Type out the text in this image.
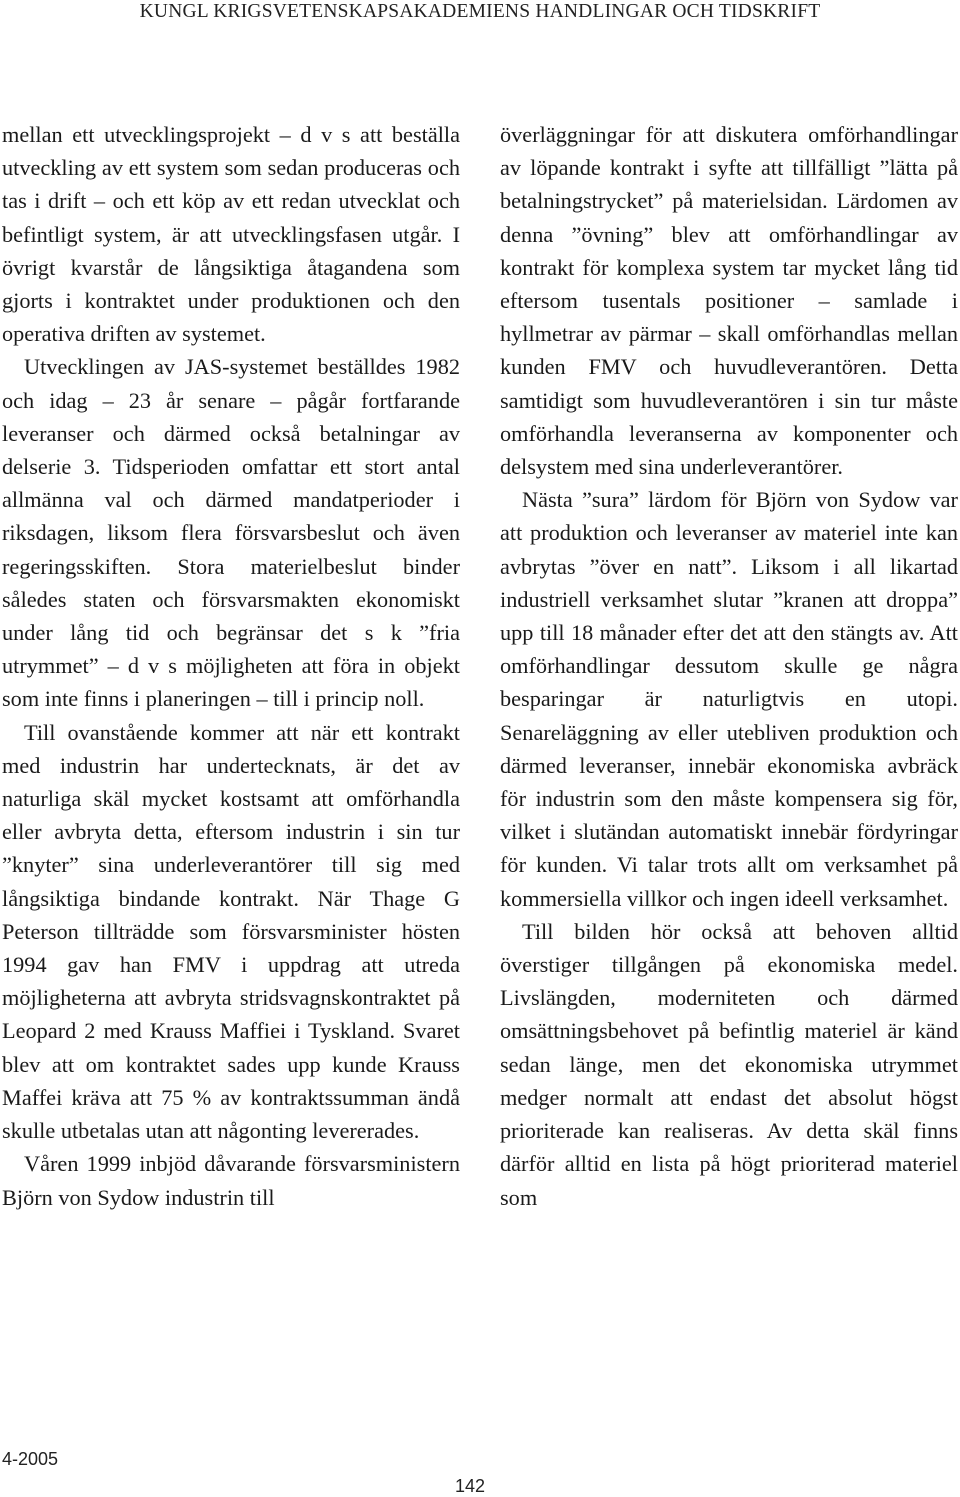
KUNGL KRIGSVETENSKAPSAKADEMIENS HANDLINGAR OCH TIDSKRIFT

mellan ett utvecklingsprojekt – d v s att beställa utveckling av ett system som sedan produceras och tas i drift – och ett köp av ett redan utvecklat och befintligt system, är att utvecklingsfasen utgår. I övrigt kvarstår de långsiktiga åtagandena som gjorts i kontraktet under produktionen och den operativa driften av systemet.

Utvecklingen av JAS-systemet beställdes 1982 och idag – 23 år senare – pågår fortfarande leveranser och därmed också betalningar av delserie 3. Tidsperioden omfattar ett stort antal allmänna val och därmed mandatperioder i riksdagen, liksom flera försvarsbeslut och även regeringsskiften. Stora materielbeslut binder således staten och försvarsmakten ekonomiskt under lång tid och begränsar det s k ”fria utrymmet” – d v s möjligheten att föra in objekt som inte finns i planeringen – till i princip noll.

Till ovanstående kommer att när ett kontrakt med industrin har undertecknats, är det av naturliga skäl mycket kostsamt att omförhandla eller avbryta detta, eftersom industrin i sin tur ”knyter” sina underleverantörer till sig med långsiktiga bindande kontrakt. När Thage G Peterson tillträdde som försvarsminister hösten 1994 gav han FMV i uppdrag att utreda möjligheterna att avbryta stridsvagnskontraktet på Leopard 2 med Krauss Maffiei i Tyskland. Svaret blev att om kontraktet sades upp kunde Krauss Maffei kräva att 75 % av kontraktssumman ändå skulle utbetalas utan att någonting levererades.

Våren 1999 inbjöd dåvarande försvarsministern Björn von Sydow industrin till

överläggningar för att diskutera omförhandlingar av löpande kontrakt i syfte att tillfälligt ”lätta på betalningstrycket” på materielsidan. Lärdomen av denna ”övning” blev att omförhandlingar av kontrakt för komplexa system tar mycket lång tid eftersom tusentals positioner – samlade i hyllmetrar av pärmar – skall omförhandlas mellan kunden FMV och huvudleverantören. Detta samtidigt som huvudleverantören i sin tur måste omförhandla leveranserna av komponenter och delsystem med sina underleverantörer.

Nästa ”sura” lärdom för Björn von Sydow var att produktion och leveranser av materiel inte kan avbrytas ”över en natt”. Liksom i all likartad industriell verksamhet slutar ”kranen att droppa” upp till 18 månader efter det att den stängts av. Att omförhandlingar dessutom skulle ge några besparingar är naturligtvis en utopi. Senareläggning av eller utebliven produktion och därmed leveranser, innebär ekonomiska avbräck för industrin som den måste kompensera sig för, vilket i slutändan automatiskt innebär fördyringar för kunden. Vi talar trots allt om verksamhet på kommersiella villkor och ingen ideell verksamhet.

Till bilden hör också att behoven alltid överstiger tillgången på ekonomiska medel. Livslängden, moderniteten och därmed omsättningsbehovet på befintlig materiel är känd sedan länge, men det ekonomiska utrymmet medger normalt att endast det absolut högst prioriterade kan realiseras. Av detta skäl finns därför alltid en lista på högt prioriterad materiel som

4-2005
142
